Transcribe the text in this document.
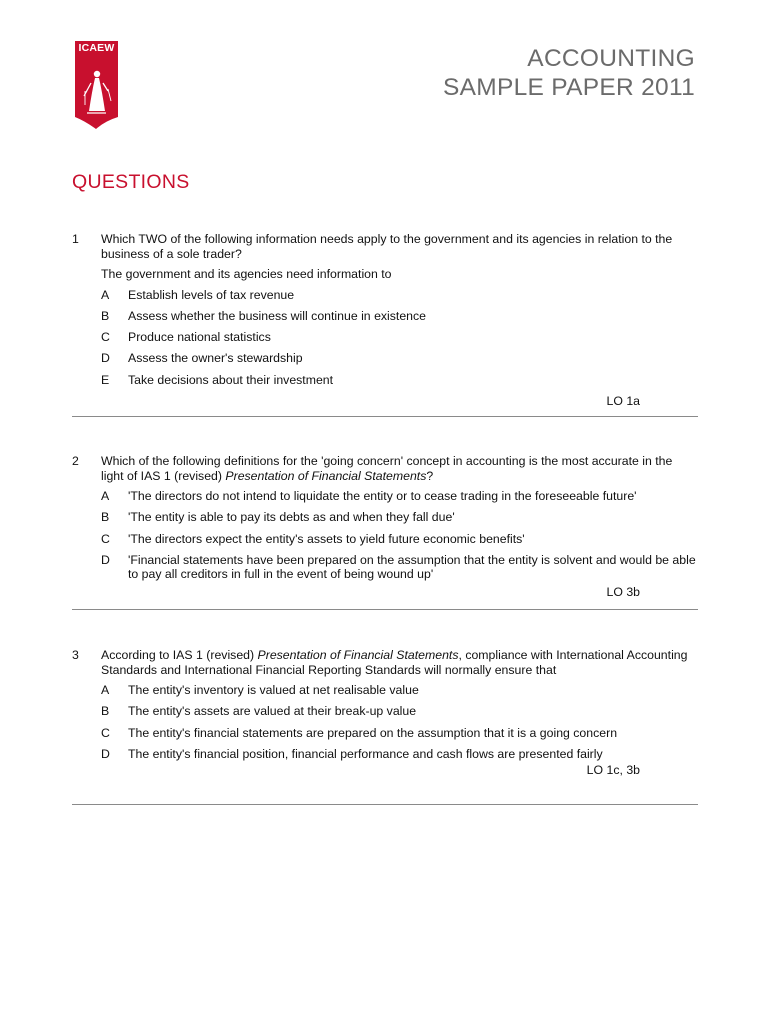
ICAEW	ACCOUNTING
SAMPLE PAPER 2011
QUESTIONS
1	Which TWO of the following information needs apply to the government and its agencies in relation to the business of a sole trader?
The government and its agencies need information to
A Establish levels of tax revenue
B Assess whether the business will continue in existence
C Produce national statistics
D Assess the owner's stewardship
E Take decisions about their investment
LO 1a
2	Which of the following definitions for the 'going concern' concept in accounting is the most accurate in the light of IAS 1 (revised) Presentation of Financial Statements?
A 'The directors do not intend to liquidate the entity or to cease trading in the foreseeable future'
B 'The entity is able to pay its debts as and when they fall due'
C 'The directors expect the entity's assets to yield future economic benefits'
D 'Financial statements have been prepared on the assumption that the entity is solvent and would be able to pay all creditors in full in the event of being wound up'
LO 3b
3	According to IAS 1 (revised) Presentation of Financial Statements, compliance with International Accounting Standards and International Financial Reporting Standards will normally ensure that
A The entity's inventory is valued at net realisable value
B The entity's assets are valued at their break-up value
C The entity's financial statements are prepared on the assumption that it is a going concern
D The entity's financial position, financial performance and cash flows are presented fairly
LO 1c, 3b
